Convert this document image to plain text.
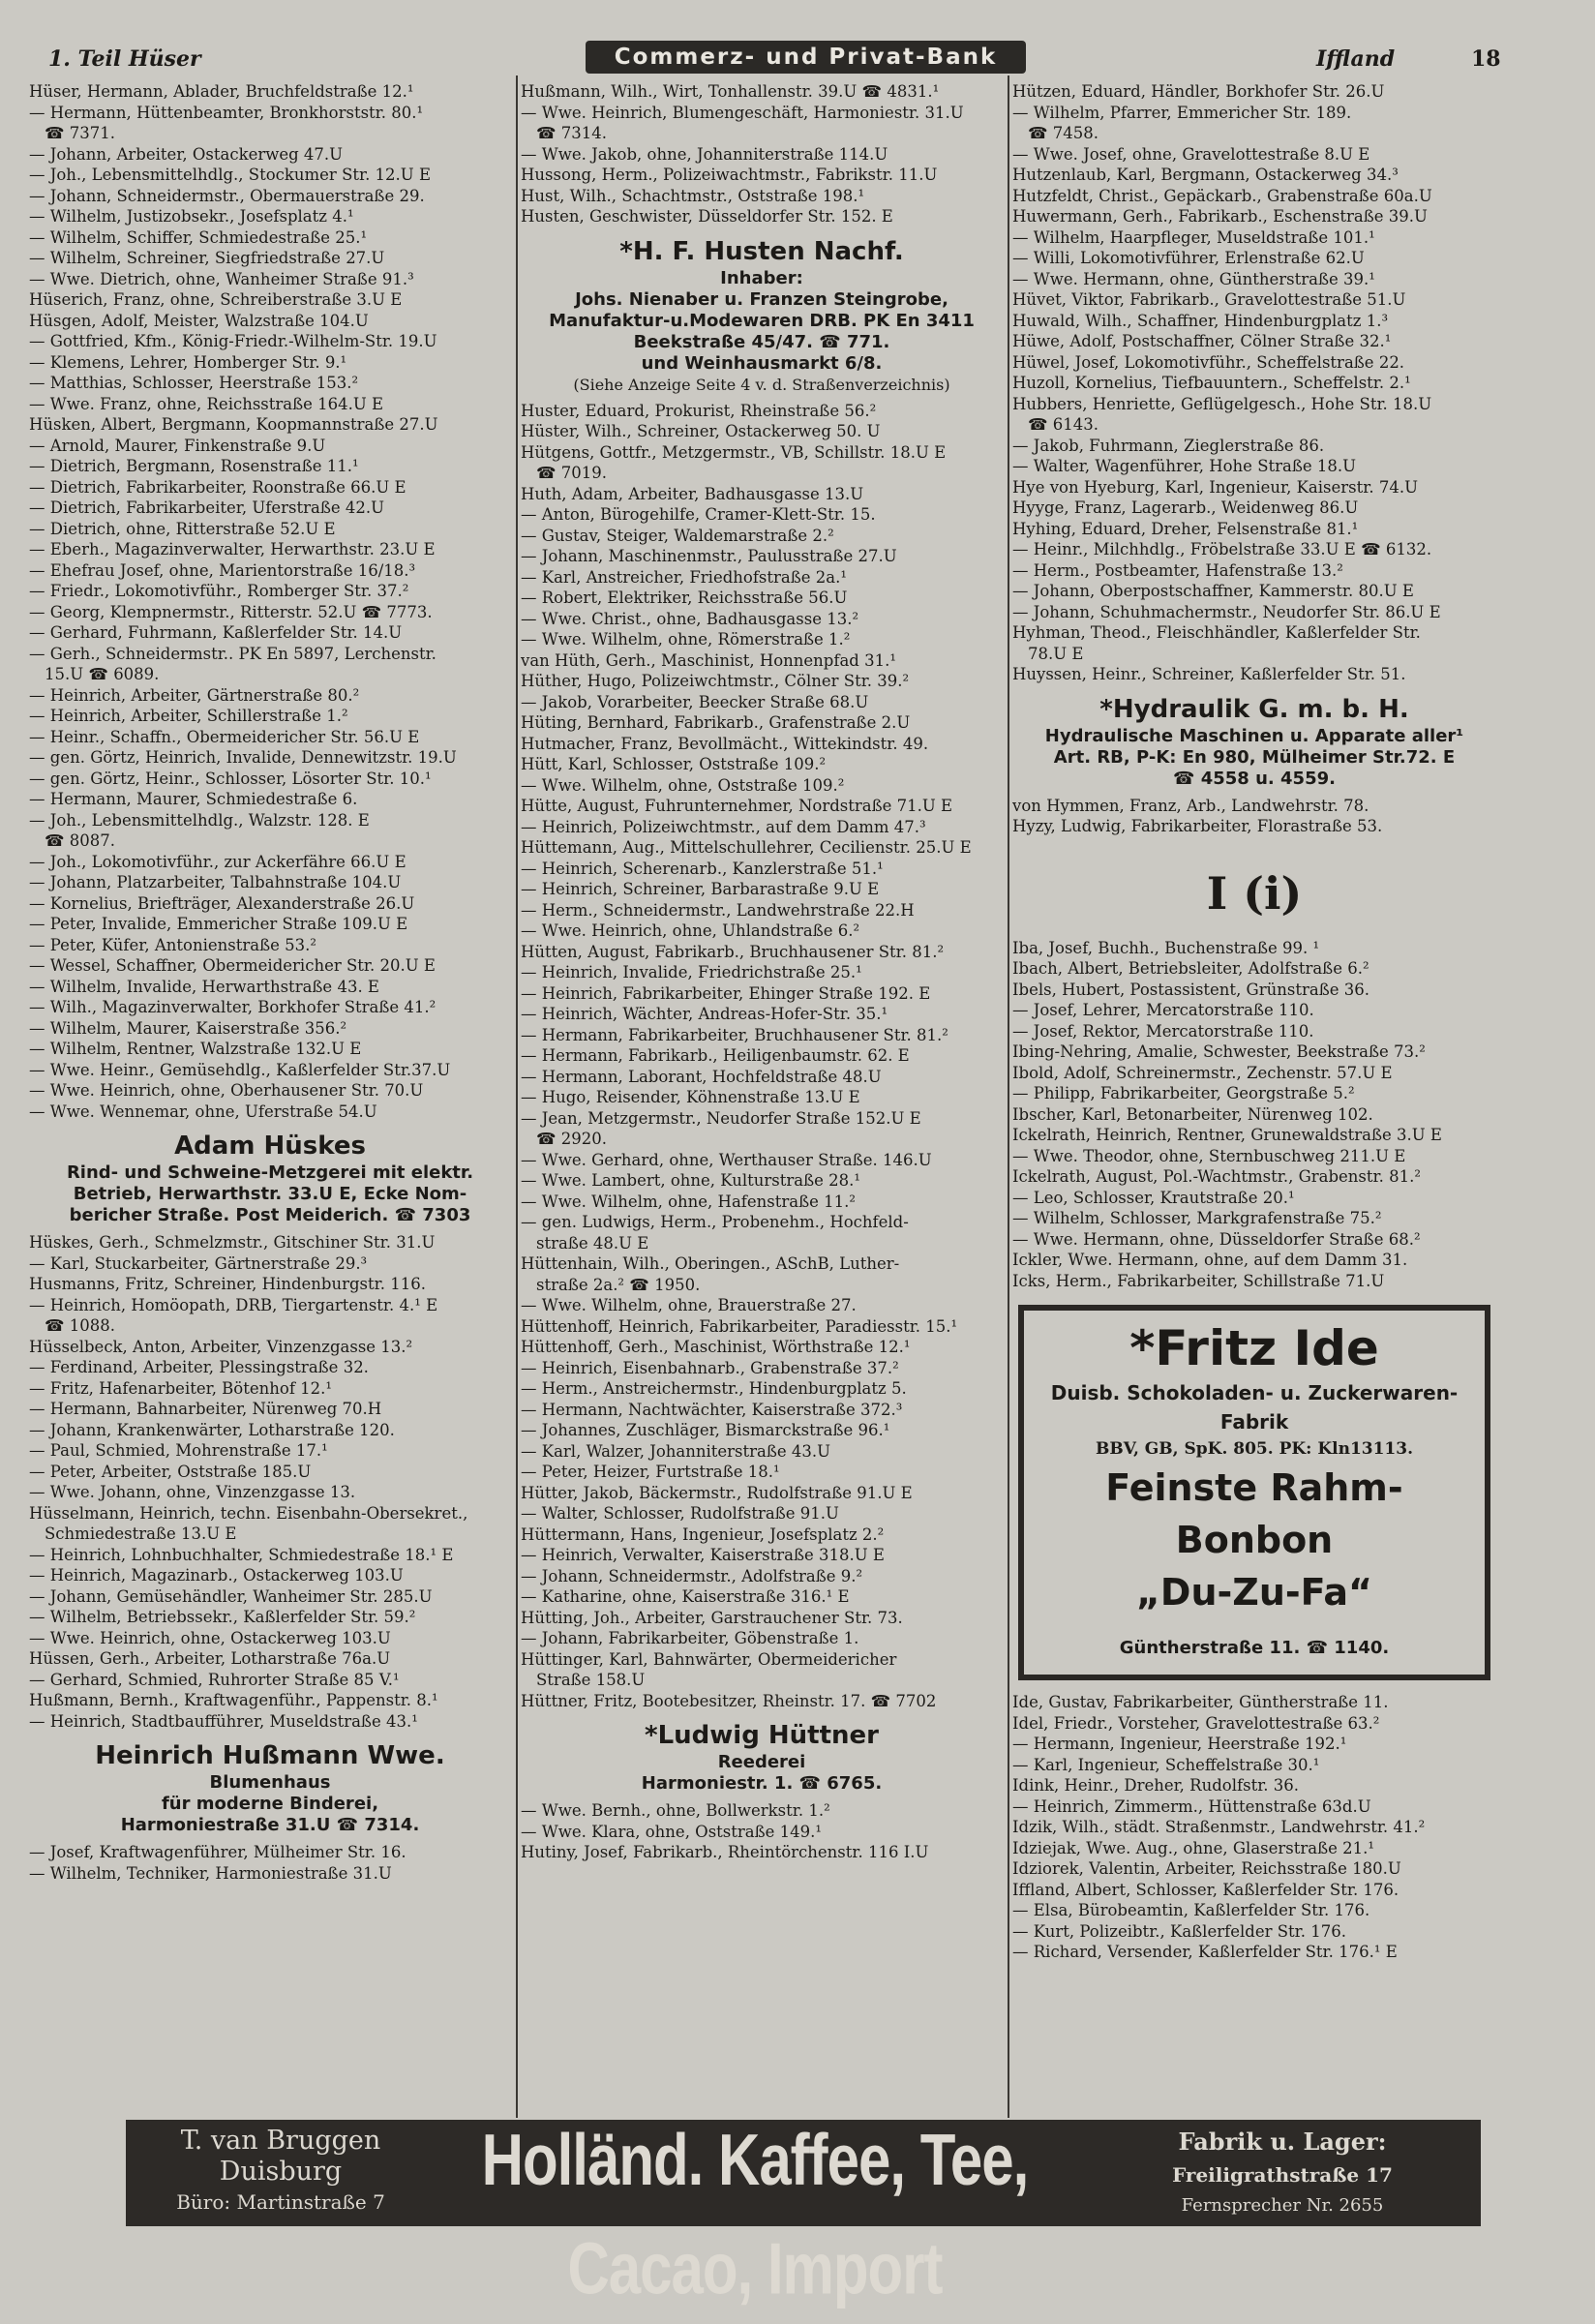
1. Teil Hüser	Commerz- und Privat-Bank	Iffland	18
Hüser, Hermann, Ablader, Bruchfeldstraße 12.¹
— Hermann, Hüttenbeamter, Bronkhorststr. 80.¹
☎ 7371.
— Johann, Arbeiter, Ostackerweg 47.U
— Joh., Lebensmittelhdlg., Stockumer Str. 12.U E
— Johann, Schneidermstr., Obermauerstraße 29.
— Wilhelm, Justizobsekr., Josefsplatz 4.¹
— Wilhelm, Schiffer, Schmiedestraße 25.¹
— Wilhelm, Schreiner, Siegfriedstraße 27.U
— Wwe. Dietrich, ohne, Wanheimer Straße 91.³
Hüserich, Franz, ohne, Schreiberstraße 3.U E
Hüsgen, Adolf, Meister, Walzstraße 104.U
— Gottfried, Kfm., König-Friedr.-Wilhelm-Str. 19.U
— Klemens, Lehrer, Homberger Str. 9.¹
— Matthias, Schlosser, Heerstraße 153.²
— Wwe. Franz, ohne, Reichsstraße 164.U E
Hüsken, Albert, Bergmann, Koopmannstraße 27.U
— Arnold, Maurer, Finkenstraße 9.U
— Dietrich, Bergmann, Rosenstraße 11.¹
— Dietrich, Fabrikarbeiter, Roonstraße 66.U E
— Dietrich, Fabrikarbeiter, Uferstraße 42.U
— Dietrich, ohne, Ritterstraße 52.U E
— Eberh., Magazinverwalter, Herwarthstr. 23.U E
— Ehefrau Josef, ohne, Marientorstraße 16/18.³
— Friedr., Lokomotivführ., Romberger Str. 37.²
— Georg, Klempnermstr., Ritterstr. 52.U ☎ 7773.
— Gerhard, Fuhrmann, Kaßlerfelder Str. 14.U
— Gerh., Schneidermstr.. PK En 5897, Lerchenstr.
15.U ☎ 6089.
— Heinrich, Arbeiter, Gärtnerstraße 80.²
— Heinrich, Arbeiter, Schillerstraße 1.²
— Heinr., Schaffn., Obermeidericher Str. 56.U E
— gen. Görtz, Heinrich, Invalide, Dennewitzstr. 19.U
— gen. Görtz, Heinr., Schlosser, Lösorter Str. 10.¹
— Hermann, Maurer, Schmiedestraße 6.
— Joh., Lebensmittelhdlg., Walzstr. 128. E
☎ 8087.
— Joh., Lokomotivführ., zur Ackerfähre 66.U E
— Johann, Platzarbeiter, Talbahnstraße 104.U
— Kornelius, Briefträger, Alexanderstraße 26.U
— Peter, Invalide, Emmericher Straße 109.U E
— Peter, Küfer, Antonienstraße 53.²
— Wessel, Schaffner, Obermeidericher Str. 20.U E
— Wilhelm, Invalide, Herwarthstraße 43. E
— Wilh., Magazinverwalter, Borkhofer Straße 41.²
— Wilhelm, Maurer, Kaiserstraße 356.²
— Wilhelm, Rentner, Walzstraße 132.U E
— Wwe. Heinr., Gemüsehdlg., Kaßlerfelder Str.37.U
— Wwe. Heinrich, ohne, Oberhausener Str. 70.U
— Wwe. Wennemar, ohne, Uferstraße 54.U
Adam Hüskes
Rind- und Schweine-Metzgerei mit elektr.
Betrieb, Herwarthstr. 33.U E, Ecke Nom-
bericher Straße. Post Meiderich. ☎ 7303
Hüskes, Gerh., Schmelzmstr., Gitschiner Str. 31.U
— Karl, Stuckarbeiter, Gärtnerstraße 29.³
Husmanns, Fritz, Schreiner, Hindenburgstr. 116.
— Heinrich, Homöopath, DRB, Tiergartenstr. 4.¹ E
☎ 1088.
Hüsselbeck, Anton, Arbeiter, Vinzenzgasse 13.²
— Ferdinand, Arbeiter, Plessingstraße 32.
— Fritz, Hafenarbeiter, Bötenhof 12.¹
— Hermann, Bahnarbeiter, Nürenweg 70.H
— Johann, Krankenwärter, Lotharstraße 120.
— Paul, Schmied, Mohrenstraße 17.¹
— Peter, Arbeiter, Oststraße 185.U
— Wwe. Johann, ohne, Vinzenzgasse 13.
Hüsselmann, Heinrich, techn. Eisenbahn-Obersekret.,
Schmiedestraße 13.U E
— Heinrich, Lohnbuchhalter, Schmiedestraße 18.¹ E
— Heinrich, Magazinarb., Ostackerweg 103.U
— Johann, Gemüsehändler, Wanheimer Str. 285.U
— Wilhelm, Betriebssekr., Kaßlerfelder Str. 59.²
— Wwe. Heinrich, ohne, Ostackerweg 103.U
Hüssen, Gerh., Arbeiter, Lotharstraße 76a.U
— Gerhard, Schmied, Ruhrorter Straße 85 V.¹
Hußmann, Bernh., Kraftwagenführ., Pappenstr. 8.¹
— Heinrich, Stadtbaufführer, Museldstraße 43.¹
Heinrich Hußmann Wwe.
Blumenhaus
für moderne Binderei,
Harmoniestraße 31.U ☎ 7314.
— Josef, Kraftwagenführer, Mülheimer Str. 16.
— Wilhelm, Techniker, Harmoniestraße 31.U
Hußmann, Wilh., Wirt, Tonhallenstr. 39.U ☎ 4831.¹
— Wwe. Heinrich, Blumengeschäft, Harmoniestr. 31.U
☎ 7314.
— Wwe. Jakob, ohne, Johanniterstraße 114.U
Hussong, Herm., Polizeiwachtmstr., Fabrikstr. 11.U
Hust, Wilh., Schachtmstr., Oststraße 198.¹
Husten, Geschwister, Düsseldorfer Str. 152. E
*H. F. Husten Nachf.
Inhaber:
Johs. Nienaber u. Franzen Steingrobe,
Manufaktur-u.Modewaren DRB. PK En 3411
Beekstraße 45/47. ☎ 771.
und Weinhausmarkt 6/8.
(Siehe Anzeige Seite 4 v. d. Straßenverzeichnis)
Huster, Eduard, Prokurist, Rheinstraße 56.²
Hüster, Wilh., Schreiner, Ostackerweg 50. U
Hütgens, Gottfr., Metzgermstr., VB, Schillstr. 18.U E
☎ 7019.
Huth, Adam, Arbeiter, Badhausgasse 13.U
— Anton, Bürogehilfe, Cramer-Klett-Str. 15.
— Gustav, Steiger, Waldemarstraße 2.²
— Johann, Maschinenmstr., Paulusstraße 27.U
— Karl, Anstreicher, Friedhofstraße 2a.¹
— Robert, Elektriker, Reichsstraße 56.U
— Wwe. Christ., ohne, Badhausgasse 13.²
— Wwe. Wilhelm, ohne, Römerstraße 1.²
van Hüth, Gerh., Maschinist, Honnenpfad 31.¹
Hüther, Hugo, Polizeiwchtmstr., Cölner Str. 39.²
— Jakob, Vorarbeiter, Beecker Straße 68.U
Hüting, Bernhard, Fabrikarb., Grafenstraße 2.U
Hutmacher, Franz, Bevollmächt., Wittekindstr. 49.
Hütt, Karl, Schlosser, Oststraße 109.²
— Wwe. Wilhelm, ohne, Oststraße 109.²
Hütte, August, Fuhrunternehmer, Nordstraße 71.U E
— Heinrich, Polizeiwchtmstr., auf dem Damm 47.³
Hüttemann, Aug., Mittelschullehrer, Cecilienstr. 25.U E
— Heinrich, Scherenarb., Kanzlerstraße 51.¹
— Heinrich, Schreiner, Barbarastraße 9.U E
— Herm., Schneidermstr., Landwehrstraße 22.H
— Wwe. Heinrich, ohne, Uhlandstraße 6.²
Hütten, August, Fabrikarb., Bruchhausener Str. 81.²
— Heinrich, Invalide, Friedrichstraße 25.¹
— Heinrich, Fabrikarbeiter, Ehinger Straße 192. E
— Heinrich, Wächter, Andreas-Hofer-Str. 35.¹
— Hermann, Fabrikarbeiter, Bruchhausener Str. 81.²
— Hermann, Fabrikarb., Heiligenbaumstr. 62. E
— Hermann, Laborant, Hochfeldstraße 48.U
— Hugo, Reisender, Köhnenstraße 13.U E
— Jean, Metzgermstr., Neudorfer Straße 152.U E
☎ 2920.
— Wwe. Gerhard, ohne, Werthauser Straße. 146.U
— Wwe. Lambert, ohne, Kulturstraße 28.¹
— Wwe. Wilhelm, ohne, Hafenstraße 11.²
— gen. Ludwigs, Herm., Probenehm., Hochfeld-
straße 48.U E
Hüttenhain, Wilh., Oberingen., ASchB, Luther-
straße 2a.² ☎ 1950.
— Wwe. Wilhelm, ohne, Brauerstraße 27.
Hüttenhoff, Heinrich, Fabrikarbeiter, Paradiesstr. 15.¹
Hüttenhoff, Gerh., Maschinist, Wörthstraße 12.¹
— Heinrich, Eisenbahnarb., Grabenstraße 37.²
— Herm., Anstreichermstr., Hindenburgplatz 5.
— Hermann, Nachtwächter, Kaiserstraße 372.³
— Johannes, Zuschläger, Bismarckstraße 96.¹
— Karl, Walzer, Johanniterstraße 43.U
— Peter, Heizer, Furtstraße 18.¹
Hütter, Jakob, Bäckermstr., Rudolfstraße 91.U E
— Walter, Schlosser, Rudolfstraße 91.U
Hüttermann, Hans, Ingenieur, Josefsplatz 2.²
— Heinrich, Verwalter, Kaiserstraße 318.U E
— Johann, Schneidermstr., Adolfstraße 9.²
— Katharine, ohne, Kaiserstraße 316.¹ E
Hütting, Joh., Arbeiter, Garstrauchener Str. 73.
— Johann, Fabrikarbeiter, Göbenstraße 1.
Hüttinger, Karl, Bahnwärter, Obermeidericher
Straße 158.U
Hüttner, Fritz, Bootebesitzer, Rheinstr. 17. ☎ 7702
*Ludwig Hüttner
Reederei
Harmoniestr. 1. ☎ 6765.
— Wwe. Bernh., ohne, Bollwerkstr. 1.²
— Wwe. Klara, ohne, Oststraße 149.¹
Hutiny, Josef, Fabrikarb., Rheintörchenstr. 116 I.U
Hützen, Eduard, Händler, Borkhofer Str. 26.U
— Wilhelm, Pfarrer, Emmericher Str. 189.
☎ 7458.
— Wwe. Josef, ohne, Gravelottestraße 8.U E
Hutzenlaub, Karl, Bergmann, Ostackerweg 34.³
Hutzfeldt, Christ., Gepäckarb., Grabenstraße 60a.U
Huwermann, Gerh., Fabrikarb., Eschenstraße 39.U
— Wilhelm, Haarpfleger, Museldstraße 101.¹
— Willi, Lokomotivführer, Erlenstraße 62.U
— Wwe. Hermann, ohne, Güntherstraße 39.¹
Hüvet, Viktor, Fabrikarb., Gravelottestraße 51.U
Huwald, Wilh., Schaffner, Hindenburgplatz 1.³
Hüwe, Adolf, Postschaffner, Cölner Straße 32.¹
Hüwel, Josef, Lokomotivführ., Scheffelstraße 22.
Huzoll, Kornelius, Tiefbauuntern., Scheffelstr. 2.¹
Hubbers, Henriette, Geflügelgesch., Hohe Str. 18.U
☎ 6143.
— Jakob, Fuhrmann, Zieglerstraße 86.
— Walter, Wagenführer, Hohe Straße 18.U
Hye von Hyeburg, Karl, Ingenieur, Kaiserstr. 74.U
Hyyge, Franz, Lagerarb., Weidenweg 86.U
Hyhing, Eduard, Dreher, Felsenstraße 81.¹
— Heinr., Milchhdlg., Fröbelstraße 33.U E ☎ 6132.
— Herm., Postbeamter, Hafenstraße 13.²
— Johann, Oberpostschaffner, Kammerstr. 80.U E
— Johann, Schuhmachermstr., Neudorfer Str. 86.U E
Hyhman, Theod., Fleischhändler, Kaßlerfelder Str.
78.U E
Huyssen, Heinr., Schreiner, Kaßlerfelder Str. 51.
*Hydraulik G. m. b. H.
Hydraulische Maschinen u. Apparate aller¹
Art. RB, P-K: En 980, Mülheimer Str.72. E
☎ 4558 u. 4559.
von Hymmen, Franz, Arb., Landwehrstr. 78.
Hyzy, Ludwig, Fabrikarbeiter, Florastraße 53.
I (i)
Iba, Josef, Buchh., Buchenstraße 99. ¹
Ibach, Albert, Betriebsleiter, Adolfstraße 6.²
Ibels, Hubert, Postassistent, Grünstraße 36.
— Josef, Lehrer, Mercatorstraße 110.
— Josef, Rektor, Mercatorstraße 110.
Ibing-Nehring, Amalie, Schwester, Beekstraße 73.²
Ibold, Adolf, Schreinermstr., Zechenstr. 57.U E
— Philipp, Fabrikarbeiter, Georgstraße 5.²
Ibscher, Karl, Betonarbeiter, Nürenweg 102.
Ickelrath, Heinrich, Rentner, Grunewaldstraße 3.U E
— Wwe. Theodor, ohne, Sternbuschweg 211.U E
Ickelrath, August, Pol.-Wachtmstr., Grabenstr. 81.²
— Leo, Schlosser, Krautstraße 20.¹
— Wilhelm, Schlosser, Markgrafenstraße 75.²
— Wwe. Hermann, ohne, Düsseldorfer Straße 68.²
Ickler, Wwe. Hermann, ohne, auf dem Damm 31.
Icks, Herm., Fabrikarbeiter, Schillstraße 71.U
*Fritz Ide
Duisb. Schokoladen- u. Zuckerwaren-Fabrik
BBV, GB, SpK. 805. PK: Kln13113.
Feinste Rahm-Bonbon
„Du-Zu-Fa“
Güntherstraße 11. ☎ 1140.
Ide, Gustav, Fabrikarbeiter, Güntherstraße 11.
Idel, Friedr., Vorsteher, Gravelottestraße 63.²
— Hermann, Ingenieur, Heerstraße 192.¹
— Karl, Ingenieur, Scheffelstraße 30.¹
Idink, Heinr., Dreher, Rudolfstr. 36.
— Heinrich, Zimmerm., Hüttenstraße 63d.U
Idzik, Wilh., städt. Straßenmstr., Landwehrstr. 41.²
Idziejak, Wwe. Aug., ohne, Glaserstraße 21.¹
Idziorek, Valentin, Arbeiter, Reichsstraße 180.U
Iffland, Albert, Schlosser, Kaßlerfelder Str. 176.
— Elsa, Bürobeamtin, Kaßlerfelder Str. 176.
— Kurt, Polizeibtr., Kaßlerfelder Str. 176.
— Richard, Versender, Kaßlerfelder Str. 176.¹ E
T. van Bruggen
Duisburg
Büro: Martinstraße 7
Holländ. Kaffee, Tee, Cacao, Import
Fabrik u. Lager:
Freiligrathstraße 17
Fernsprecher Nr. 2655
